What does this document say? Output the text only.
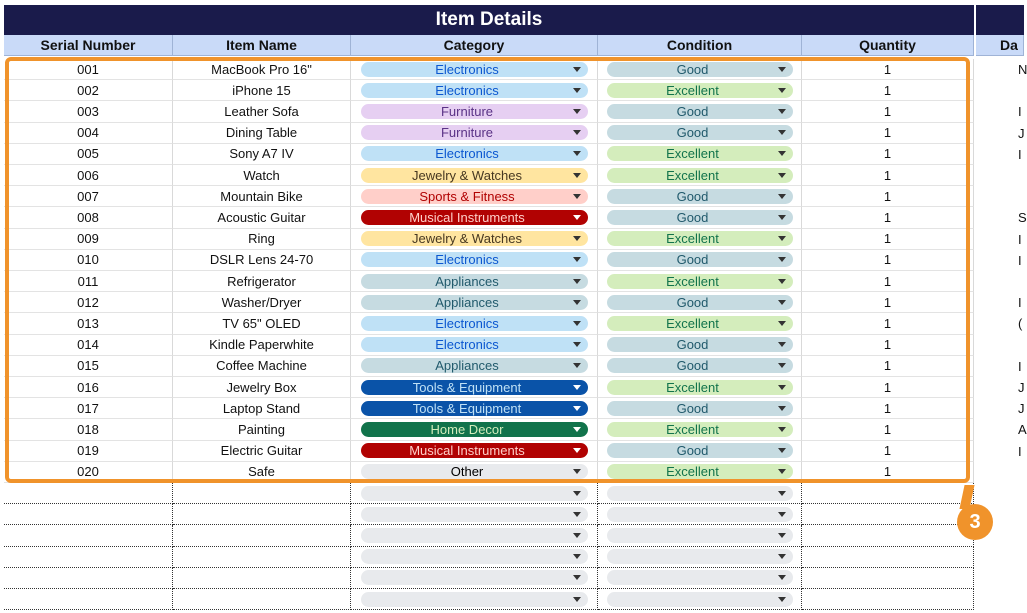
Item Details
Serial Number	Item Name	Category	Condition	Quantity	Da
001	MacBook Pro 16"	Electronics	Good	1	N
002	iPhone 15	Electronics	Excellent	1
003	Leather Sofa	Furniture	Good	1	I
004	Dining Table	Furniture	Good	1	J
005	Sony A7 IV	Electronics	Excellent	1	I
006	Watch	Jewelry & Watches	Excellent	1
007	Mountain Bike	Sports & Fitness	Good	1
008	Acoustic Guitar	Musical Instruments	Good	1	S
009	Ring	Jewelry & Watches	Excellent	1	I
010	DSLR Lens 24-70	Electronics	Good	1	I
011	Refrigerator	Appliances	Excellent	1
012	Washer/Dryer	Appliances	Good	1	I
013	TV 65" OLED	Electronics	Excellent	1	(
014	Kindle Paperwhite	Electronics	Good	1
015	Coffee Machine	Appliances	Good	1	I
016	Jewelry Box	Tools & Equipment	Excellent	1	J
017	Laptop Stand	Tools & Equipment	Good	1	J
018	Painting	Home Decor	Excellent	1	A
019	Electric Guitar	Musical Instruments	Good	1	I
020	Safe	Other	Excellent	1
3
